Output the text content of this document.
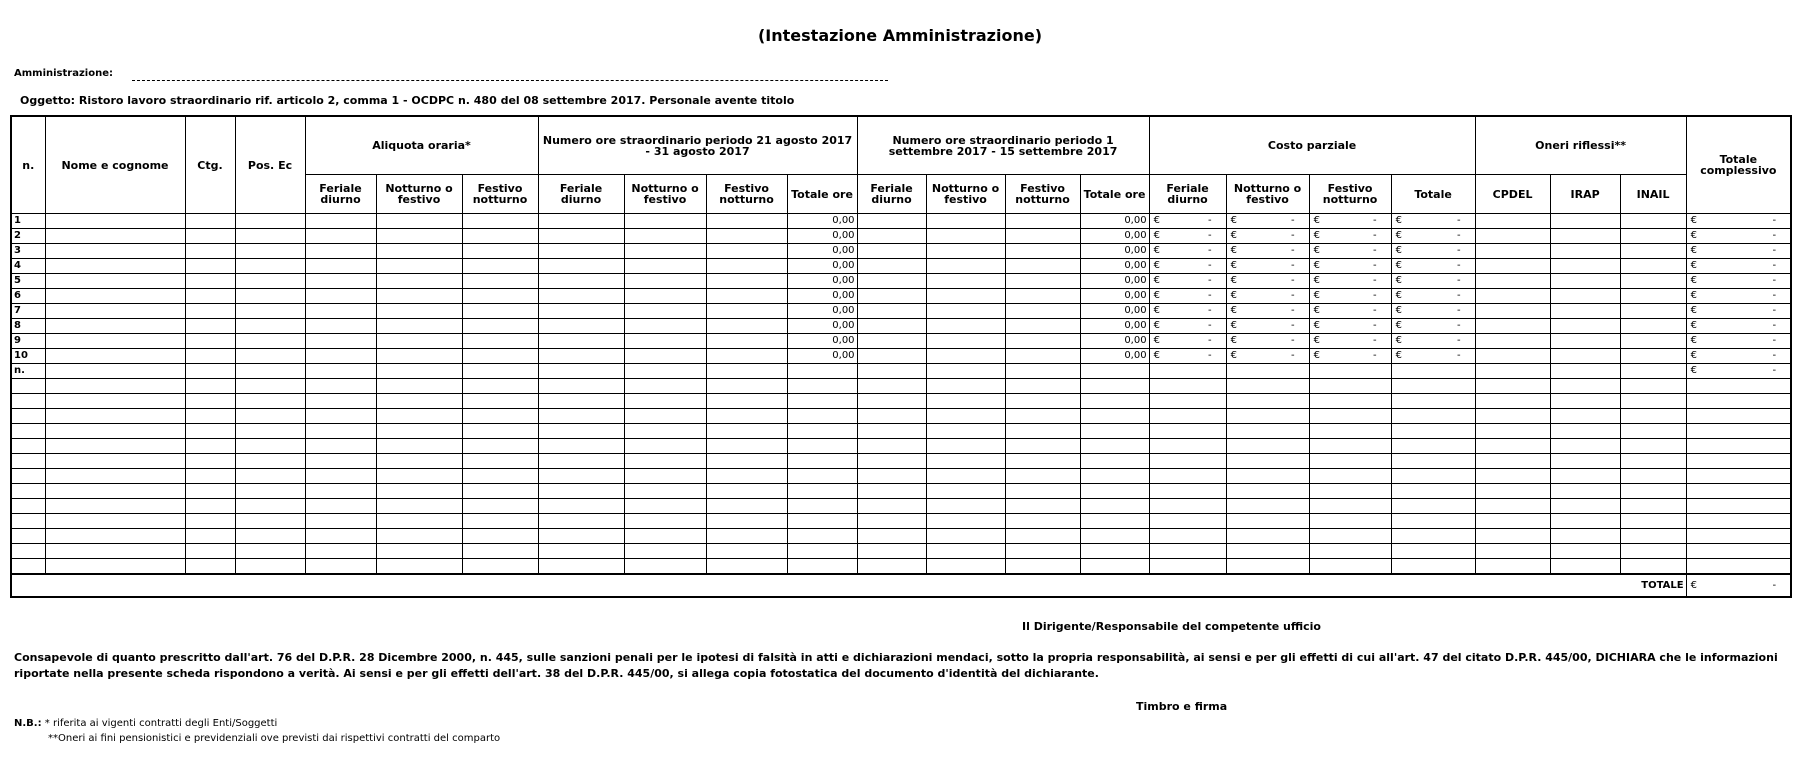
(Intestazione Amministrazione)
Amministrazione:
Oggetto: Ristoro lavoro straordinario rif. articolo 2, comma 1 - OCDPC n. 480 del 08 settembre 2017. Personale avente titolo
n.	Nome e cognome	Ctg.	Pos. Ec	Aliquota oraria*			Numero ore straordinario periodo 21 agosto 2017 - 31 agosto 2017				Numero ore straordinario periodo 1 settembre 2017 - 15 settembre 2017				Costo parziale				Oneri riflessi**			Totale complessivo
				Feriale diurno	Notturno o festivo	Festivo notturno	Feriale diurno	Notturno o festivo	Festivo notturno	Totale ore	Feriale diurno	Notturno o festivo	Festivo notturno	Totale ore	Feriale diurno	Notturno o festivo	Festivo notturno	Totale	CPDEL	IRAP	INAIL	
1										0,00				0,00	€ -	€ -	€ -	€ -				€ -

2										0,00				0,00	€ -	€ -	€ -	€ -				€ -

3										0,00				0,00	€ -	€ -	€ -	€ -				€ -

4										0,00				0,00	€ -	€ -	€ -	€ -				€ -

5										0,00				0,00	€ -	€ -	€ -	€ -				€ -

6										0,00				0,00	€ -	€ -	€ -	€ -				€ -

7										0,00				0,00	€ -	€ -	€ -	€ -				€ -

8										0,00				0,00	€ -	€ -	€ -	€ -				€ -

9										0,00				0,00	€ -	€ -	€ -	€ -				€ -

10										0,00				0,00	€ -	€ -	€ -	€ -				€ -

n.																						€ -

TOTALE																						€ -
Il Dirigente/Responsabile del competente ufficio
Consapevole di quanto prescritto dall'art. 76 del D.P.R. 28 Dicembre 2000, n. 445, sulle sanzioni penali per le ipotesi di falsità in atti e dichiarazioni mendaci, sotto la propria responsabilità, ai sensi e per gli effetti di cui all'art. 47 del citato D.P.R. 445/00, DICHIARA che le informazioni riportate nella presente scheda rispondono a verità. Ai sensi e per gli effetti dell'art. 38 del D.P.R. 445/00, si allega copia fotostatica del documento d'identità del dichiarante.
Timbro e firma
N.B.: * riferita ai vigenti contratti degli Enti/Soggetti
**Oneri ai fini pensionistici e previdenziali ove previsti dai rispettivi contratti del comparto
